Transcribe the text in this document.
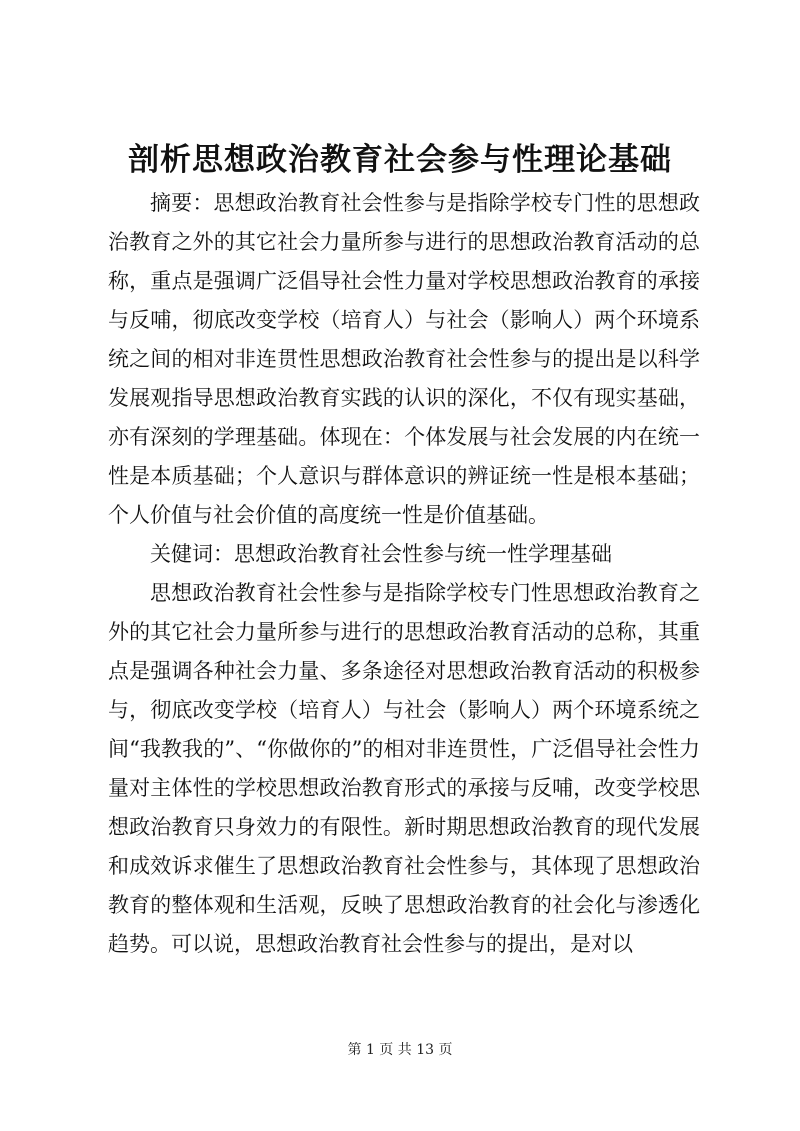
剖析思想政治教育社会参与性理论基础

摘要：思想政治教育社会性参与是指除学校专门性的思想政治教育之外的其它社会力量所参与进行的思想政治教育活动的总称，重点是强调广泛倡导社会性力量对学校思想政治教育的承接与反哺，彻底改变学校（培育人）与社会（影响人）两个环境系统之间的相对非连贯性思想政治教育社会性参与的提出是以科学发展观指导思想政治教育实践的认识的深化，不仅有现实基础，亦有深刻的学理基础。体现在：个体发展与社会发展的内在统一性是本质基础；个人意识与群体意识的辨证统一性是根本基础；个人价值与社会价值的高度统一性是价值基础。

关健词：思想政治教育社会性参与统一性学理基础

思想政治教育社会性参与是指除学校专门性思想政治教育之外的其它社会力量所参与进行的思想政治教育活动的总称，其重点是强调各种社会力量、多条途径对思想政治教育活动的积极参与，彻底改变学校（培育人）与社会（影响人）两个环境系统之间“我教我的”、“你做你的”的相对非连贯性，广泛倡导社会性力量对主体性的学校思想政治教育形式的承接与反哺，改变学校思想政治教育只身效力的有限性。新时期思想政治教育的现代发展和成效诉求催生了思想政治教育社会性参与，其体现了思想政治教育的整体观和生活观，反映了思想政治教育的社会化与渗透化趋势。可以说，思想政治教育社会性参与的提出，是对以

第 1 页 共 13 页
